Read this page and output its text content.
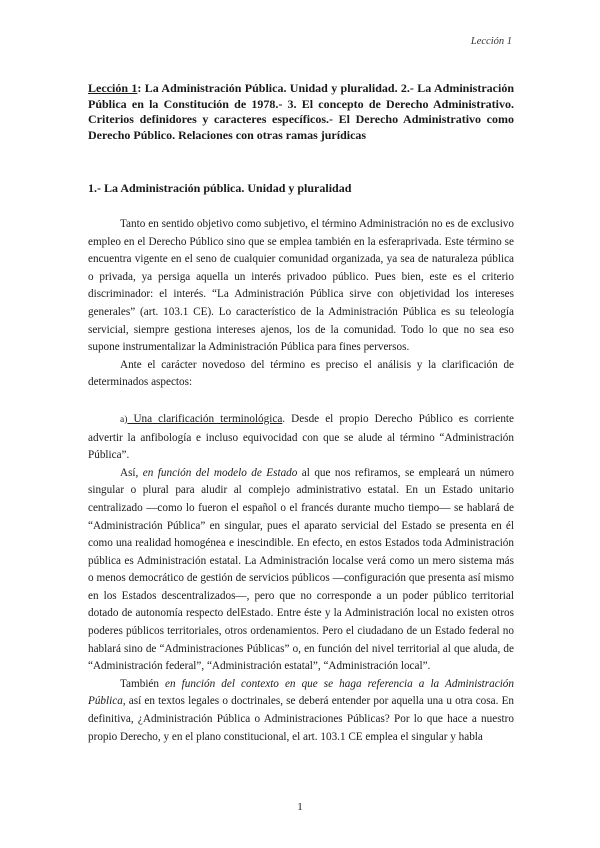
Lección 1
Lección 1: La Administración Pública. Unidad y pluralidad. 2.- La Administración Pública en la Constitución de 1978.- 3. El concepto de Derecho Administrativo. Criterios definidores y caracteres específicos.- El Derecho Administrativo como Derecho Público. Relaciones con otras ramas jurídicas
1.- La Administración pública. Unidad y pluralidad

Tanto en sentido objetivo como subjetivo, el término Administración no es de exclusivo empleo en el Derecho Público sino que se emplea también en la esferaprivada. Este término se encuentra vigente en el seno de cualquier comunidad organizada, ya sea de naturaleza pública o privada, ya persiga aquella un interés privadoo público. Pues bien, este es el criterio discriminador: el interés. “La Administración Pública sirve con objetividad los intereses generales” (art. 103.1 CE). Lo característico de la Administración Pública es su teleología servicial, siempre gestiona intereses ajenos, los de la comunidad. Todo lo que no sea eso supone instrumentalizar la Administración Pública para fines perversos.

Ante el carácter novedoso del término es preciso el análisis y la clarificación de determinados aspectos:

a) Una clarificación terminológica. Desde el propio Derecho Público es corriente advertir la anfibología e incluso equivocidad con que se alude al término “Administración Pública”.

Así, en función del modelo de Estado al que nos refiramos, se empleará un número singular o plural para aludir al complejo administrativo estatal. En un Estado unitario centralizado —como lo fueron el español o el francés durante mucho tiempo— se hablará de “Administración Pública” en singular, pues el aparato servicial del Estado se presenta en él como una realidad homogénea e inescindible. En efecto, en estos Estados toda Administración pública es Administración estatal. La Administración localse verá como un mero sistema más o menos democrático de gestión de servicios públicos —configuración que presenta así mismo en los Estados descentralizados—, pero que no corresponde a un poder público territorial dotado de autonomía respecto delEstado. Entre éste y la Administración local no existen otros poderes públicos territoriales, otros ordenamientos. Pero el ciudadano de un Estado federal no hablará sino de “Administraciones Públicas” o, en función del nivel territorial al que aluda, de “Administración federal”, “Administración estatal”, “Administración local”.

También en función del contexto en que se haga referencia a la Administración Pública, así en textos legales o doctrinales, se deberá entender por aquella una u otra cosa. En definitiva, ¿Administración Pública o Administraciones Públicas? Por lo que hace a nuestro propio Derecho, y en el plano constitucional, el art. 103.1 CE emplea el singular y habla

1
